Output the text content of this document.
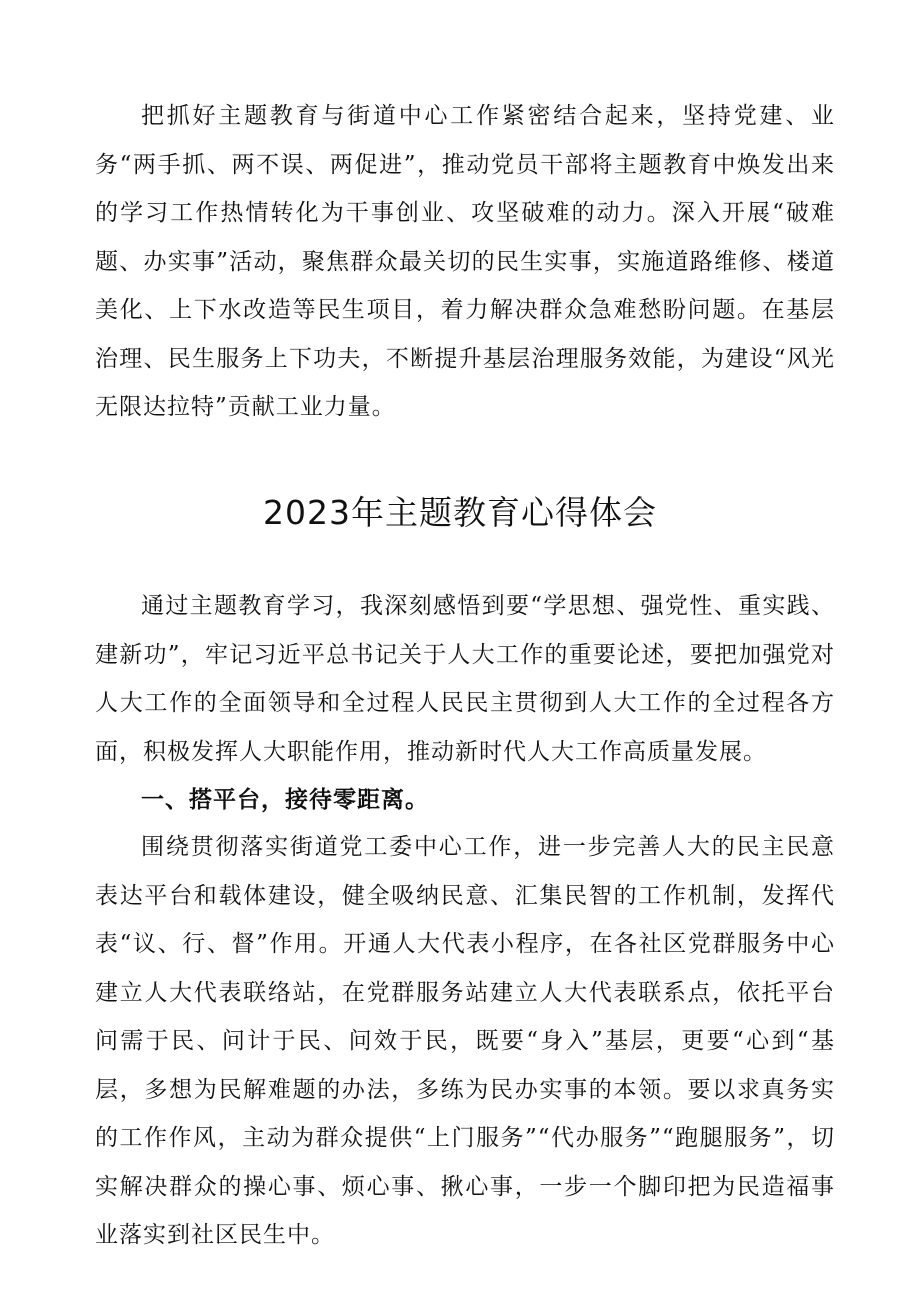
把抓好主题教育与街道中心工作紧密结合起来，坚持党建、业务“两手抓、两不误、两促进”，推动党员干部将主题教育中焕发出来的学习工作热情转化为干事创业、攻坚破难的动力。深入开展“破难题、办实事”活动，聚焦群众最关切的民生实事，实施道路维修、楼道美化、上下水改造等民生项目，着力解决群众急难愁盼问题。在基层治理、民生服务上下功夫，不断提升基层治理服务效能，为建设“风光无限达拉特”贡献工业力量。

2023年主题教育心得体会

通过主题教育学习，我深刻感悟到要“学思想、强党性、重实践、建新功”，牢记习近平总书记关于人大工作的重要论述，要把加强党对人大工作的全面领导和全过程人民民主贯彻到人大工作的全过程各方面，积极发挥人大职能作用，推动新时代人大工作高质量发展。

一、搭平台，接待零距离。

围绕贯彻落实街道党工委中心工作，进一步完善人大的民主民意表达平台和载体建设，健全吸纳民意、汇集民智的工作机制，发挥代表“议、行、督”作用。开通人大代表小程序，在各社区党群服务中心建立人大代表联络站，在党群服务站建立人大代表联系点，依托平台问需于民、问计于民、问效于民，既要“身入”基层，更要“心到“基层，多想为民解难题的办法，多练为民办实事的本领。要以求真务实的工作作风，主动为群众提供“上门服务”“代办服务”“跑腿服务”，切实解决群众的操心事、烦心事、揪心事，一步一个脚印把为民造福事业落实到社区民生中。
